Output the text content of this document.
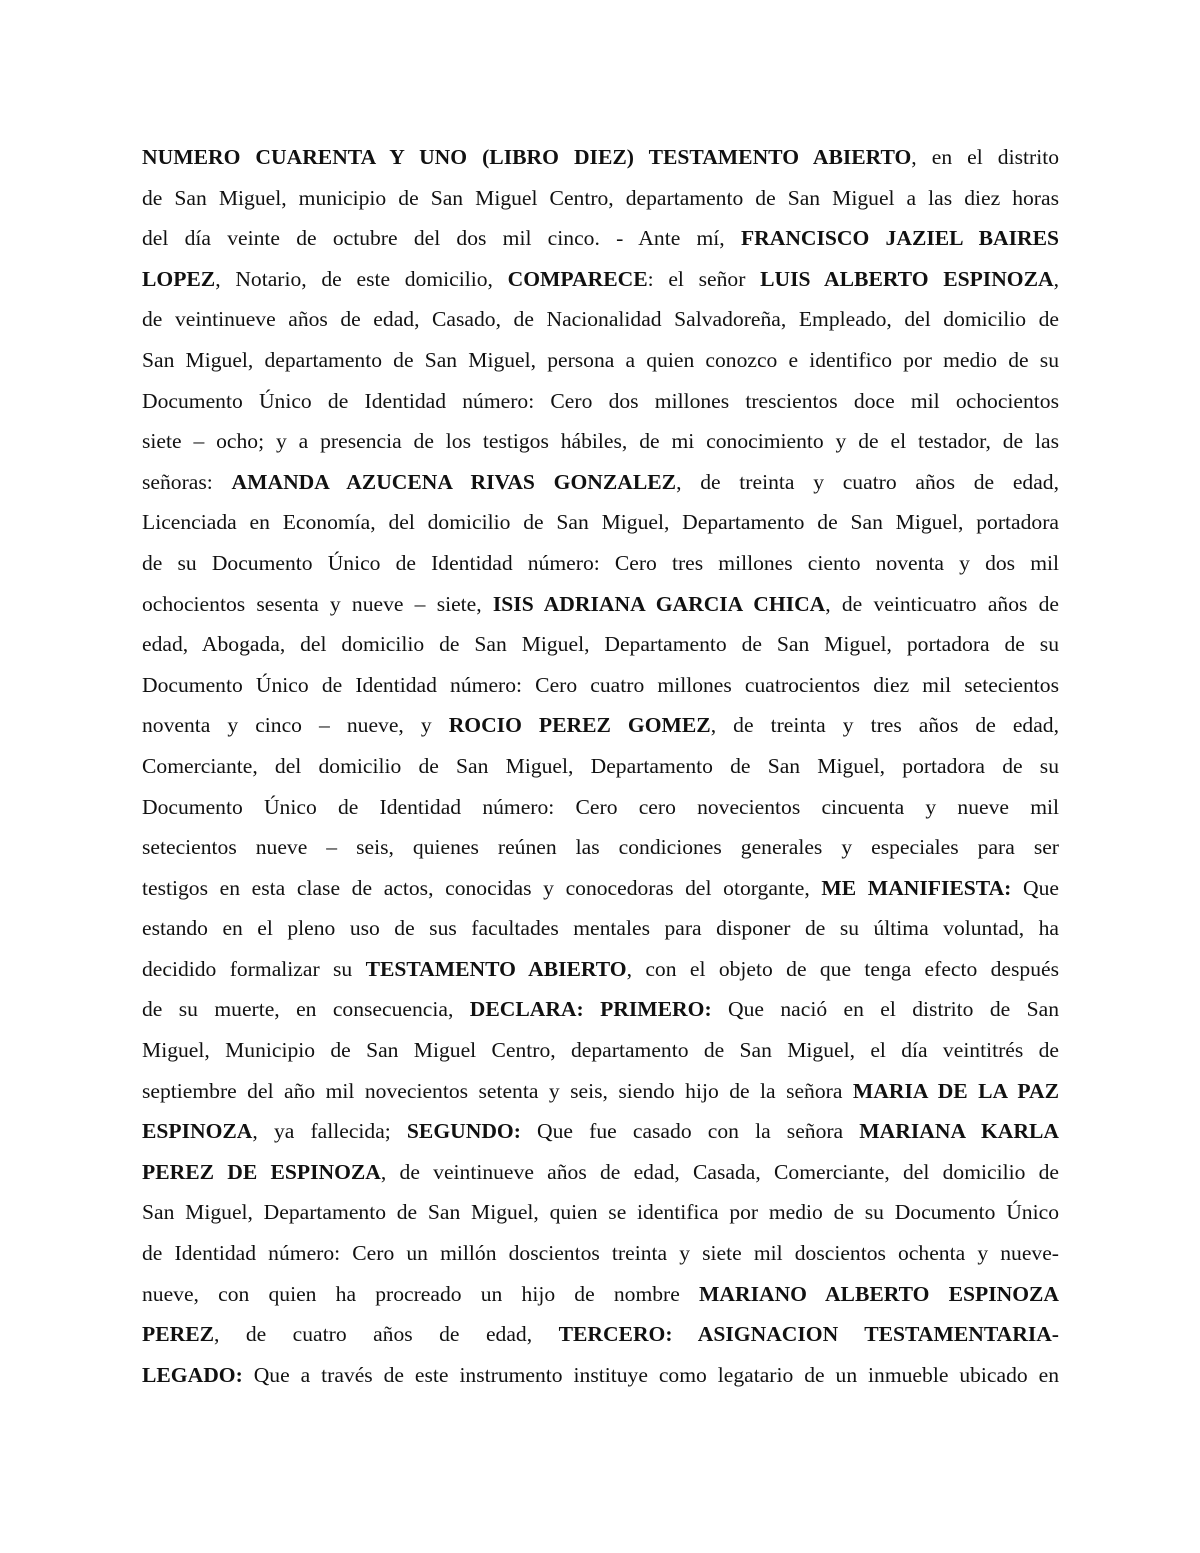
NUMERO CUARENTA Y UNO (LIBRO DIEZ) TESTAMENTO ABIERTO, en el distrito
de San Miguel, municipio de San Miguel Centro, departamento de San Miguel a las diez horas
del día veinte de octubre del dos mil cinco. - Ante mí, FRANCISCO JAZIEL BAIRES
LOPEZ, Notario, de este domicilio, COMPARECE: el señor LUIS ALBERTO ESPINOZA,
de veintinueve años de edad, Casado, de Nacionalidad Salvadoreña, Empleado, del domicilio de
San Miguel, departamento de San Miguel, persona a quien conozco e identifico por medio de su
Documento Único de Identidad número: Cero dos millones trescientos doce mil ochocientos
siete – ocho; y a presencia de los testigos hábiles, de mi conocimiento y de el testador, de las
señoras: AMANDA AZUCENA RIVAS GONZALEZ, de treinta y cuatro años de edad,
Licenciada en Economía, del domicilio de San Miguel, Departamento de San Miguel, portadora
de su Documento Único de Identidad número: Cero tres millones ciento noventa y dos mil
ochocientos sesenta y nueve – siete, ISIS ADRIANA GARCIA CHICA, de veinticuatro años de
edad, Abogada, del domicilio de San Miguel, Departamento de San Miguel, portadora de su
Documento Único de Identidad número: Cero cuatro millones cuatrocientos diez mil setecientos
noventa y cinco – nueve, y ROCIO PEREZ GOMEZ, de treinta y tres años de edad,
Comerciante, del domicilio de San Miguel, Departamento de San Miguel, portadora de su
Documento Único de Identidad número: Cero cero novecientos cincuenta y nueve mil
setecientos nueve – seis, quienes reúnen las condiciones generales y especiales para ser
testigos en esta clase de actos, conocidas y conocedoras del otorgante, ME MANIFIESTA: Que
estando en el pleno uso de sus facultades mentales para disponer de su última voluntad, ha
decidido formalizar su TESTAMENTO ABIERTO, con el objeto de que tenga efecto después
de su muerte, en consecuencia, DECLARA: PRIMERO: Que nació en el distrito de San
Miguel, Municipio de San Miguel Centro, departamento de San Miguel, el día veintitrés de
septiembre del año mil novecientos setenta y seis, siendo hijo de la señora MARIA DE LA PAZ
ESPINOZA, ya fallecida; SEGUNDO: Que fue casado con la señora MARIANA KARLA
PEREZ DE ESPINOZA, de veintinueve años de edad, Casada, Comerciante, del domicilio de
San Miguel, Departamento de San Miguel, quien se identifica por medio de su Documento Único
de Identidad número: Cero un millón doscientos treinta y siete mil doscientos ochenta y nueve-
nueve, con quien ha procreado un hijo de nombre MARIANO ALBERTO ESPINOZA
PEREZ, de cuatro años de edad, TERCERO: ASIGNACION TESTAMENTARIA-
LEGADO: Que a través de este instrumento instituye como legatario de un inmueble ubicado en
